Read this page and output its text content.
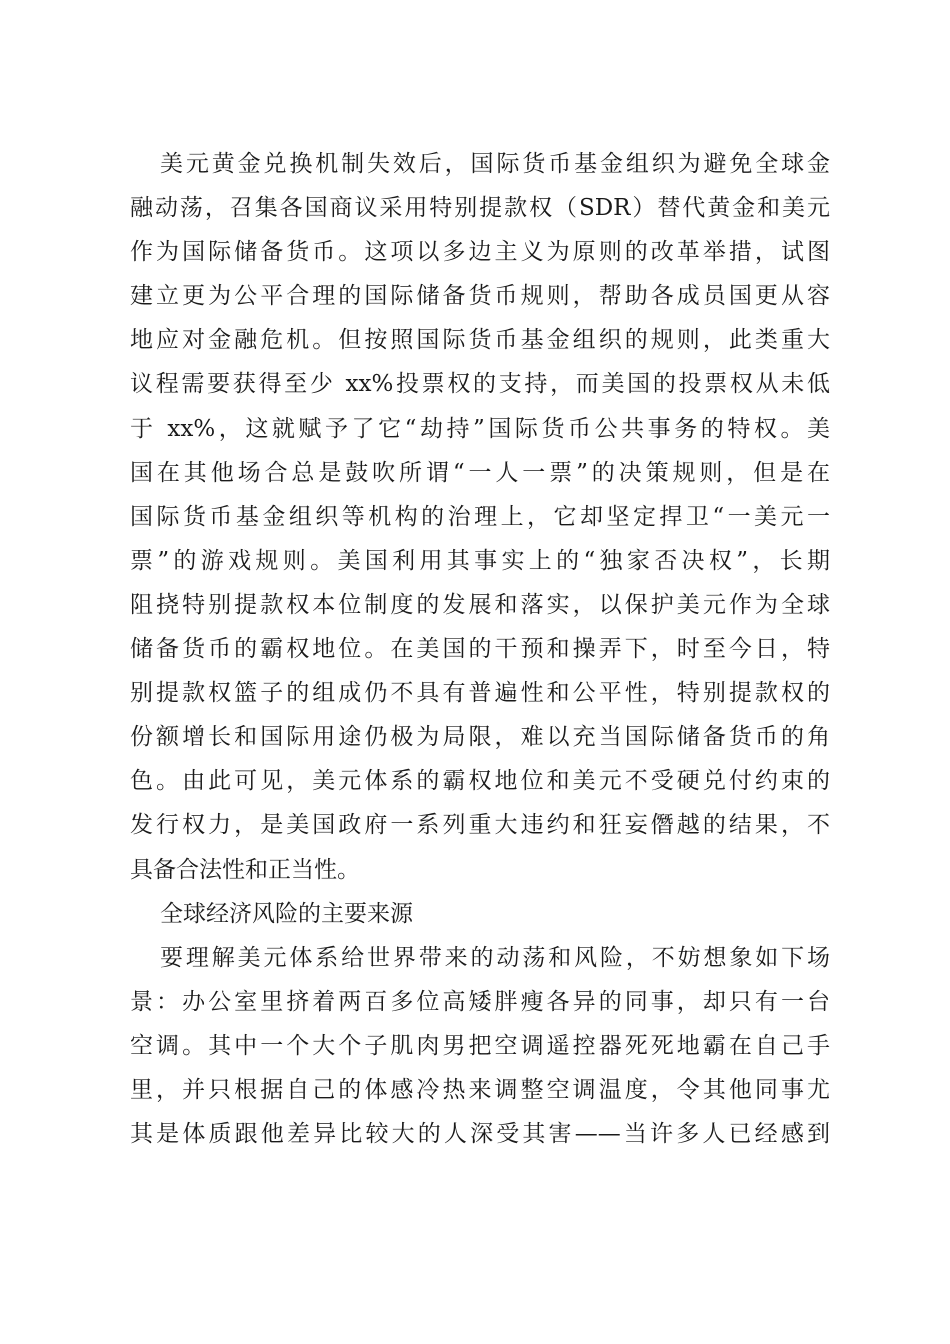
美元黄金兑换机制失效后，国际货币基金组织为避免全球金
融动荡，召集各国商议采用特别提款权（SDR）替代黄金和美元
作为国际储备货币。这项以多边主义为原则的改革举措，试图
建立更为公平合理的国际储备货币规则，帮助各成员国更从容
地应对金融危机。但按照国际货币基金组织的规则，此类重大
议程需要获得至少 xx%投票权的支持，而美国的投票权从未低
于 xx%，这就赋予了它“劫持”国际货币公共事务的特权。美
国在其他场合总是鼓吹所谓“一人一票”的决策规则，但是在
国际货币基金组织等机构的治理上，它却坚定捍卫“一美元一
票”的游戏规则。美国利用其事实上的“独家否决权”，长期
阻挠特别提款权本位制度的发展和落实，以保护美元作为全球
储备货币的霸权地位。在美国的干预和操弄下，时至今日，特
别提款权篮子的组成仍不具有普遍性和公平性，特别提款权的
份额增长和国际用途仍极为局限，难以充当国际储备货币的角
色。由此可见，美元体系的霸权地位和美元不受硬兑付约束的
发行权力，是美国政府一系列重大违约和狂妄僭越的结果，不
具备合法性和正当性。
全球经济风险的主要来源
要理解美元体系给世界带来的动荡和风险，不妨想象如下场
景：办公室里挤着两百多位高矮胖瘦各异的同事，却只有一台
空调。其中一个大个子肌肉男把空调遥控器死死地霸在自己手
里，并只根据自己的体感冷热来调整空调温度，令其他同事尤
其是体质跟他差异比较大的人深受其害——当许多人已经感到
